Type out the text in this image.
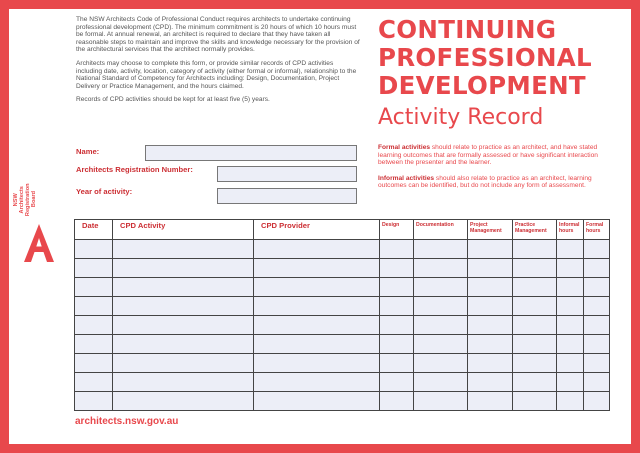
The NSW Architects Code of Professional Conduct requires architects to undertake continuing professional development (CPD). The minimum commitment is 20 hours of which 10 hours must be formal. At annual renewal, an architect is required to declare that they have taken all reasonable steps to maintain and improve the skills and knowledge necessary for the provision of the architectural services that the architect normally provides.

Architects may choose to complete this form, or provide similar records of CPD activities including date, activity, location, category of activity (either formal or informal), relationship to the National Standard of Competency for Architects including: Design, Documentation, Project Delivery or Practice Management, and the hours claimed.

Records of CPD activities should be kept for at least five (5) years.

CONTINUING
PROFESSIONAL
DEVELOPMENT
Activity Record

Formal activities should relate to practice as an architect, and have stated learning outcomes that are formally assessed or have significant interaction between the presenter and the learner.

Informal activities should also relate to practice as an architect, learning outcomes can be identified, but do not include any form of assessment.

Name:
Architects Registration Number:
Year of activity:
NSW Architects Registration Board
Date	CPD Activity	CPD Provider	Design	Documentation	Project Management	Practice Management	Informal hours	Formal hours

architects.nsw.gov.au
